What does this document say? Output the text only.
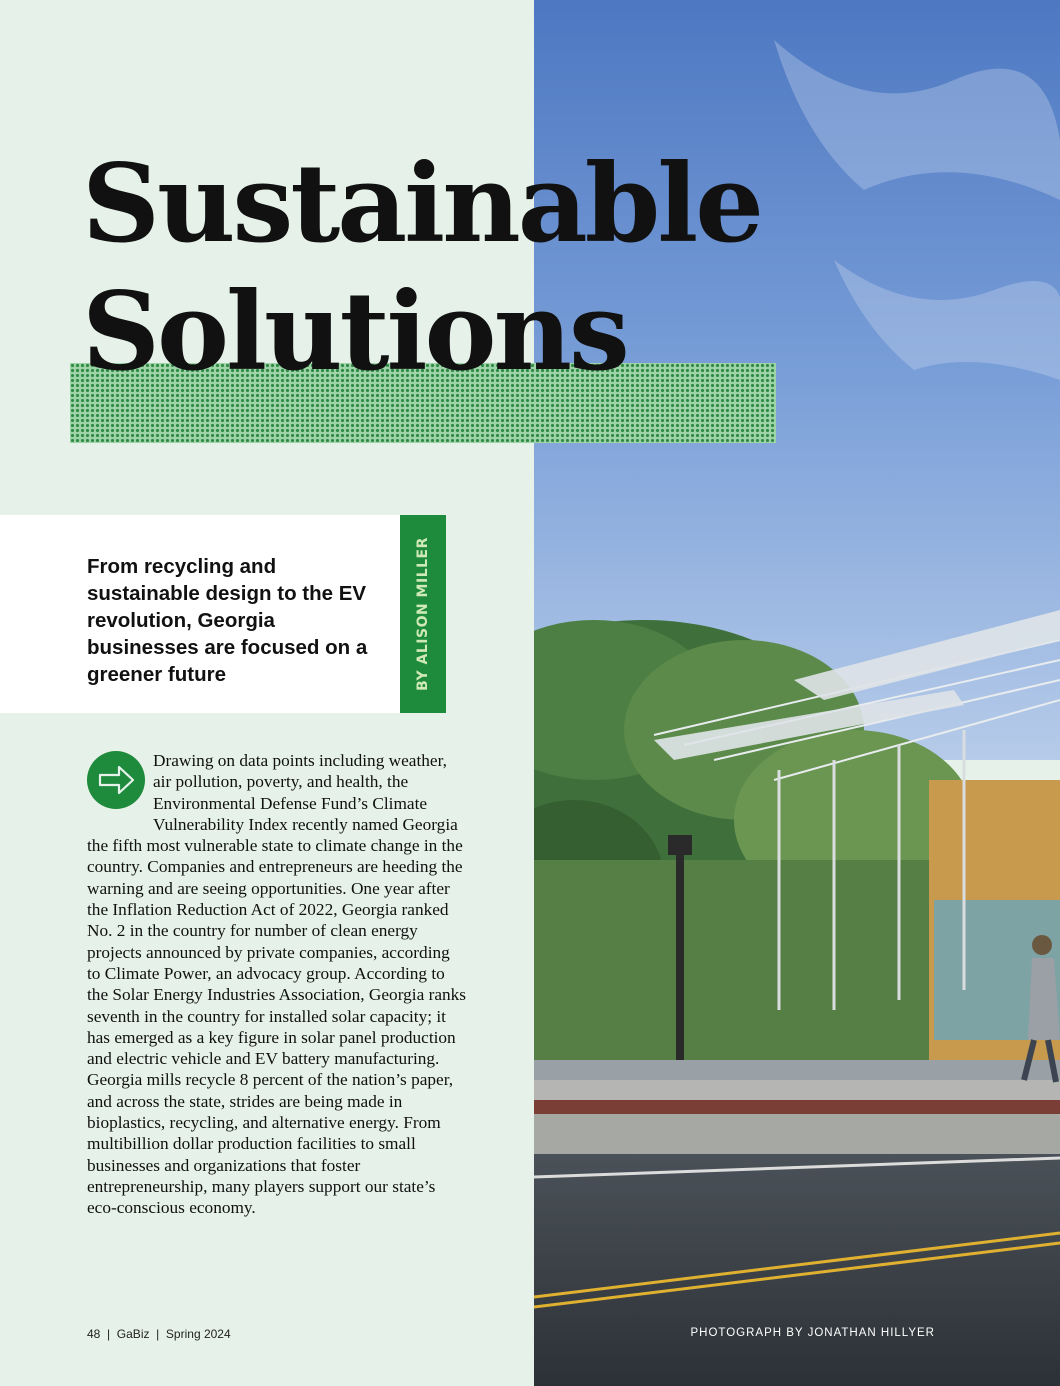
Sustainable
Solutions

From recycling and sustainable design to the EV revolution, Georgia businesses are focused on a greener future	BY ALISON MILLER

Drawing on data points including weather, air pollution, poverty, and health, the Environmental Defense Fund’s Climate Vulnerability Index recently named Georgia the fifth most vulnerable state to climate change in the country. Companies and entrepreneurs are heeding the warning and are seeing opportunities. One year after the Inflation Reduction Act of 2022, Georgia ranked No. 2 in the country for number of clean energy projects announced by private companies, according to Climate Power, an advocacy group. According to the Solar Energy Industries Association, Georgia ranks seventh in the country for installed solar capacity; it has emerged as a key figure in solar panel production and electric vehicle and EV battery manufacturing. Georgia mills recycle 8 percent of the nation’s paper, and across the state, strides are being made in bioplastics, recycling, and alternative energy. From multibillion dollar production facilities to small businesses and organizations that foster entrepreneurship, many players support our state’s eco-conscious economy.

48  |  GaBiz  |  Spring 2024	PHOTOGRAPH BY JONATHAN HILLYER
